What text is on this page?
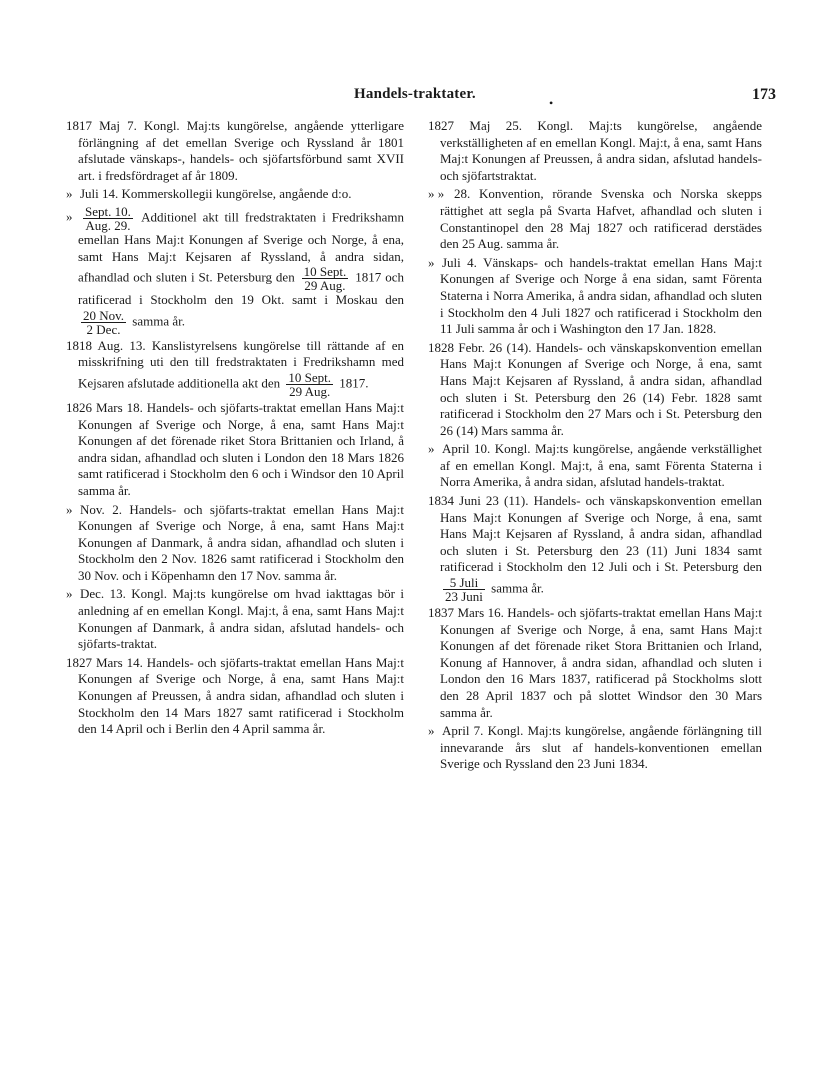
Handels-traktater.
•	173

1817 Maj 7. Kongl. Maj:ts kungörelse, angående ytterligare förlängning af det emellan Sverige och Ryssland år 1801 afslutade vänskaps-, handels- och sjöfartsförbund samt XVII art. i fredsfördraget af år 1809.

» Juli 14. Kommerskollegii kungörelse, angående d:o.

» $\frac{\text{Sept. 10.}}{\text{Aug. 29.}}$ Additionel akt till fredstraktaten i Fredrikshamn emellan Hans Maj:t Konungen af Sverige och Norge, å ena, samt Hans Maj:t Kejsaren af Ryssland, å andra sidan, afhandlad och sluten i St. Petersburg den $\frac{\text{10 Sept.}}{\text{29 Aug.}} 1817$ och ratificerad i Stockholm den 19 Okt. samt i Moskau den
$\frac{\text{20 Nov.}}{\text{2 Dec.}}$ samma år.

1818 Aug. 13. Kanslistyrelsens kungörelse till rättande af en misskrifning uti den till fredstraktaten i Fredrikshamn med Kejsaren afslutade additionella akt den $\frac{\text{10 Sept.}}{\text{29 Aug.}} 1817$.

1826 Mars 18. Handels- och sjöfarts-traktat emellan Hans Maj:t Konungen af Sverige och Norge, å ena, samt Hans Maj:t Konungen af det förenade riket Stora Brittanien och Irland, å andra sidan, afhandlad och sluten i London den 18 Mars 1826 samt ratificerad i Stockholm den 6 och i Windsor den 10 April samma år.

» Nov. 2. Handels- och sjöfarts-traktat emellan Hans Maj:t Konungen af Sverige och Norge, å ena, samt Hans Maj:t Konungen af Danmark, å andra sidan, afhandlad och sluten i Stockholm den 2 Nov. 1826 samt ratificerad i Stockholm den 30 Nov. och i Köpenhamn den 17 Nov. samma år.

» Dec. 13. Kongl. Maj:ts kungörelse om hvad iakttagas bör i anledning af en emellan Kongl. Maj:t, å ena, samt Hans Maj:t Konungen af Danmark, å andra sidan, afslutad handels- och sjöfarts-traktat.

1827 Mars 14. Handels- och sjöfarts-traktat emellan Hans Maj:t Konungen af Sverige och Norge, å ena, samt Hans Maj:t Konungen af Preussen, å andra sidan, afhandlad och sluten i Stockholm den 14 Mars 1827 samt ratificerad i Stockholm den 14 April och i Berlin den 4 April samma år.

1827 Maj 25. Kongl. Maj:ts kungörelse, angående verkställigheten af en emellan Kongl. Maj:t, å ena, samt Hans Maj:t Konungen af Preussen, å andra sidan, afslutad handels- och sjöfartstraktat.

» » 28. Konvention, rörande Svenska och Norska skepps rättighet att segla på Svarta Hafvet, afhandlad och sluten i Constantinopel den 28 Maj 1827 och ratificerad derstädes den 25 Aug. samma år.

» Juli 4. Vänskaps- och handels-traktat emellan Hans Maj:t Konungen af Sverige och Norge å ena sidan, samt Förenta Staterna i Norra Amerika, å andra sidan, afhandlad och sluten i Stockholm den 4 Juli 1827 och ratificerad i Stockholm den 11 Juli samma år och i Washington den 17 Jan. 1828.

1828 Febr. 26 (14). Handels- och vänskapskonvention emellan Hans Maj:t Konungen af Sverige och Norge, å ena, samt Hans Maj:t Kejsaren af Ryssland, å andra sidan, afhandlad och sluten i St. Petersburg den 26 (14) Febr. 1828 samt ratificerad i Stockholm den 27 Mars och i St. Petersburg den 26 (14) Mars samma år.

» April 10. Kongl. Maj:ts kungörelse, angående verkställighet af en emellan Kongl. Maj:t, å ena, samt Förenta Staterna i Norra Amerika, å andra sidan, afslutad handels-traktat.

1834 Juni 23 (11). Handels- och vänskapskonvention emellan Hans Maj:t Konungen af Sverige och Norge, å ena, samt Hans Maj:t Kejsaren af Ryssland, å andra sidan, afhandlad och sluten i St. Petersburg den 23 (11) Juni 1834 samt ratificerad i Stockholm den 12 Juli och i St. Petersburg den
$\frac{\text{5 Juli}}{\text{23 Juni}}$ samma år.

1837 Mars 16. Handels- och sjöfarts-traktat emellan Hans Maj:t Konungen af Sverige och Norge, å ena, samt Hans Maj:t Konungen af det förenade riket Stora Brittanien och Irland, Konung af Hannover, å andra sidan, afhandlad och sluten i London den 16 Mars 1837, ratificerad på Stockholms slott den 28 April 1837 och på slottet Windsor den 30 Mars samma år.

» April 7. Kongl. Maj:ts kungörelse, angående förlängning till innevarande års slut af handels-konventionen emellan Sverige och Ryssland den 23 Juni 1834.
